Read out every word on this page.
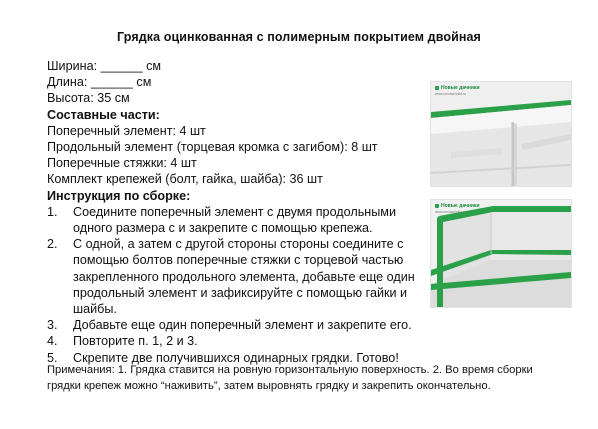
Грядка оцинкованная с полимерным покрытием двойная
Ширина: ______ см
Длина: ______ см
Высота: 35 см
Составные части:
Поперечный элемент: 4 шт
Продольный элемент (торцевая кромка с загибом): 8 шт
Поперечные стяжки: 4 шт
Комплект крепежей (болт, гайка, шайба): 36 шт
Инструкция по сборке:
1.	Соедините поперечный элемент с двумя продольными одного размера с и закрепите с помощью крепежа.
2.	С одной, а затем с другой стороны стороны соедините с помощью болтов поперечные стяжки с торцевой частью закрепленного продольного элемента, добавьте еще один продольный элемент и зафиксируйте с помощью гайки и шайбы.
3.	Добавьте еще один поперечный элемент и закрепите его.
4.	Повторите п. 1, 2 и 3.
5.	Скрепите две получившихся одинарных грядки. Готово!
Примечания: 1. Грядка ставится на ровную горизонтальную поверхность. 2. Во время сборки грядки крепеж можно “наживить”, затем выровнять грядку и закрепить окончательно.
Новые дачники
www.novdachniki.ru
Новые дачники
www.novdachniki.ru
